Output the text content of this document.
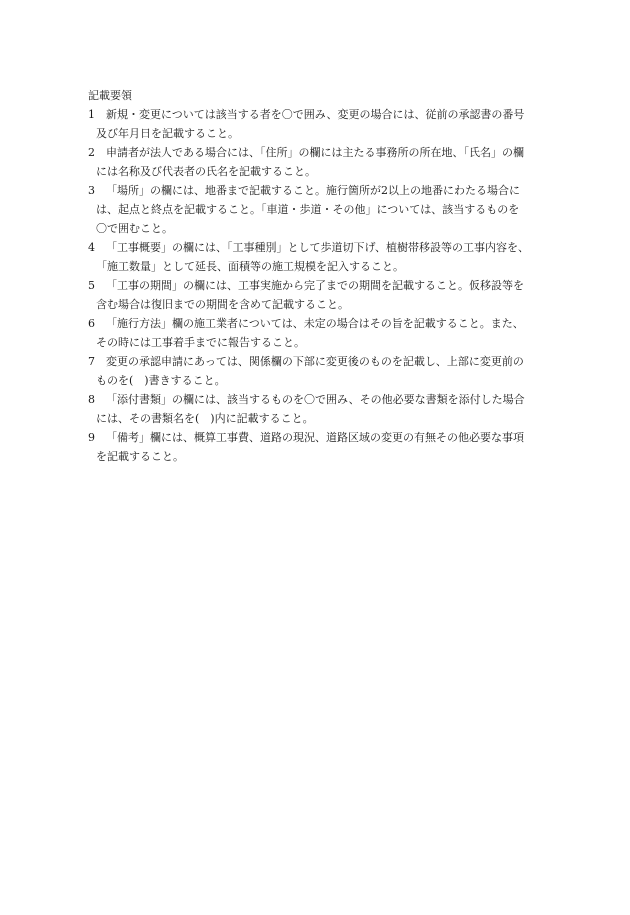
記載要領
1 新規・変更については該当する者を〇で囲み、変更の場合には、従前の承認書の番号
及び年月日を記載すること。
2 申請者が法人である場合には、「住所」の欄には主たる事務所の所在地、「氏名」の欄
には名称及び代表者の氏名を記載すること。
3 「場所」の欄には、地番まで記載すること。施行箇所が2以上の地番にわたる場合に
は、起点と終点を記載すること。「車道・歩道・その他」については、該当するものを
〇で囲むこと。
4 「工事概要」の欄には、「工事種別」として歩道切下げ、植樹帯移設等の工事内容を、
「施工数量」として延長、面積等の施工規模を記入すること。
5 「工事の期間」の欄には、工事実施から完了までの期間を記載すること。仮移設等を
含む場合は復旧までの期間を含めて記載すること。
6 「施行方法」欄の施工業者については、未定の場合はその旨を記載すること。また、
その時には工事着手までに報告すること。
7 変更の承認申請にあっては、関係欄の下部に変更後のものを記載し、上部に変更前の
ものを(　)書きすること。
8 「添付書類」の欄には、該当するものを〇で囲み、その他必要な書類を添付した場合
には、その書類名を(　)内に記載すること。
9 「備考」欄には、概算工事費、道路の現況、道路区域の変更の有無その他必要な事項
を記載すること。
